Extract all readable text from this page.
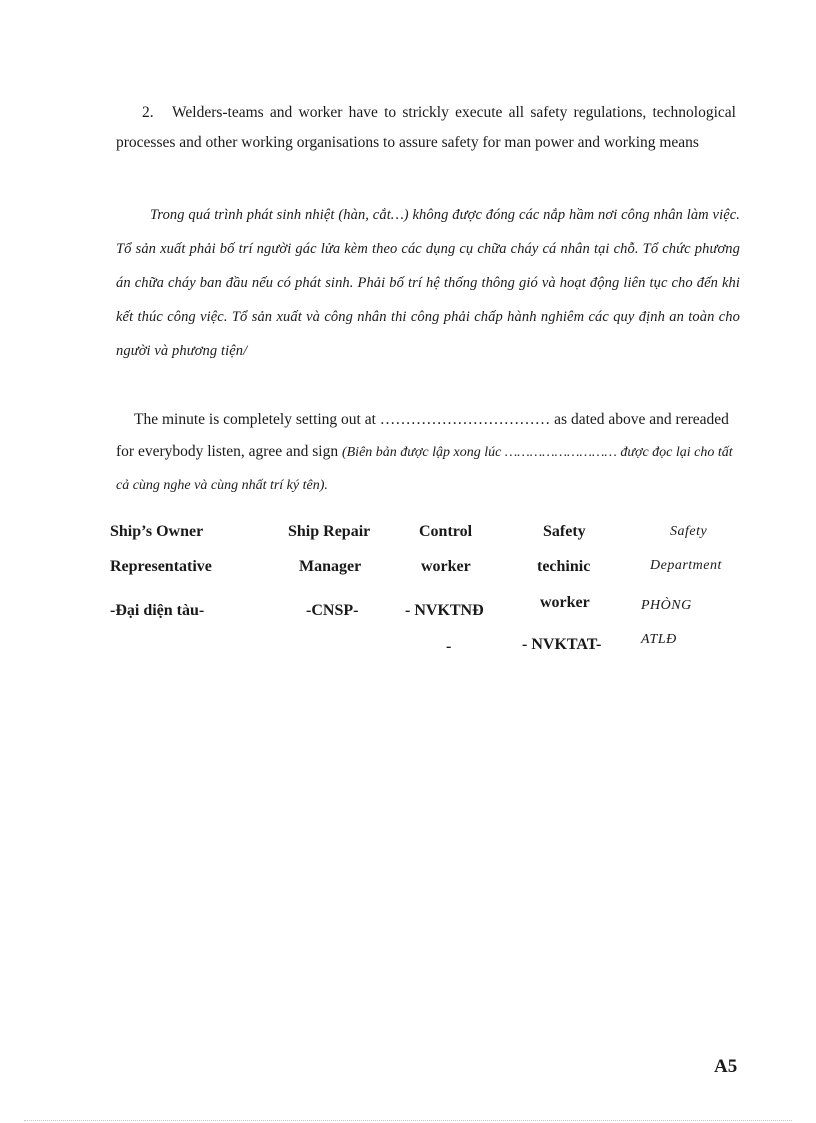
2. Welders-teams and worker have to strickly execute all safety regulations, technological processes and other working organisations to assure safety for man power and working means

Trong quá trình phát sinh nhiệt (hàn, cắt…) không được đóng các nắp hầm nơi công nhân làm việc. Tổ sản xuất phải bố trí người gác lửa kèm theo các dụng cụ chữa cháy cá nhân tại chỗ. Tổ chức phương án chữa cháy ban đầu nếu có phát sinh. Phải bố trí hệ thống thông gió và hoạt động liên tục cho đến khi kết thúc công việc. Tổ sản xuất và công nhân thi công phải chấp hành nghiêm các quy định an toàn cho người và phương tiện/

The minute is completely setting out at …………………………… as dated above and rereaded for everybody listen, agree and sign (Biên bản được lập xong lúc ……………………… được đọc lại cho tất cả cùng nghe và cùng nhất trí ký tên).

Ship’s Owner
Representative
-Đại diện tàu-
Ship Repair
Manager
-CNSP-
Control
worker
- NVKTNĐ
-
Safety
techinic
worker
- NVKTAT-
Safety
Department
PHÒNG
ATLĐ
A5
